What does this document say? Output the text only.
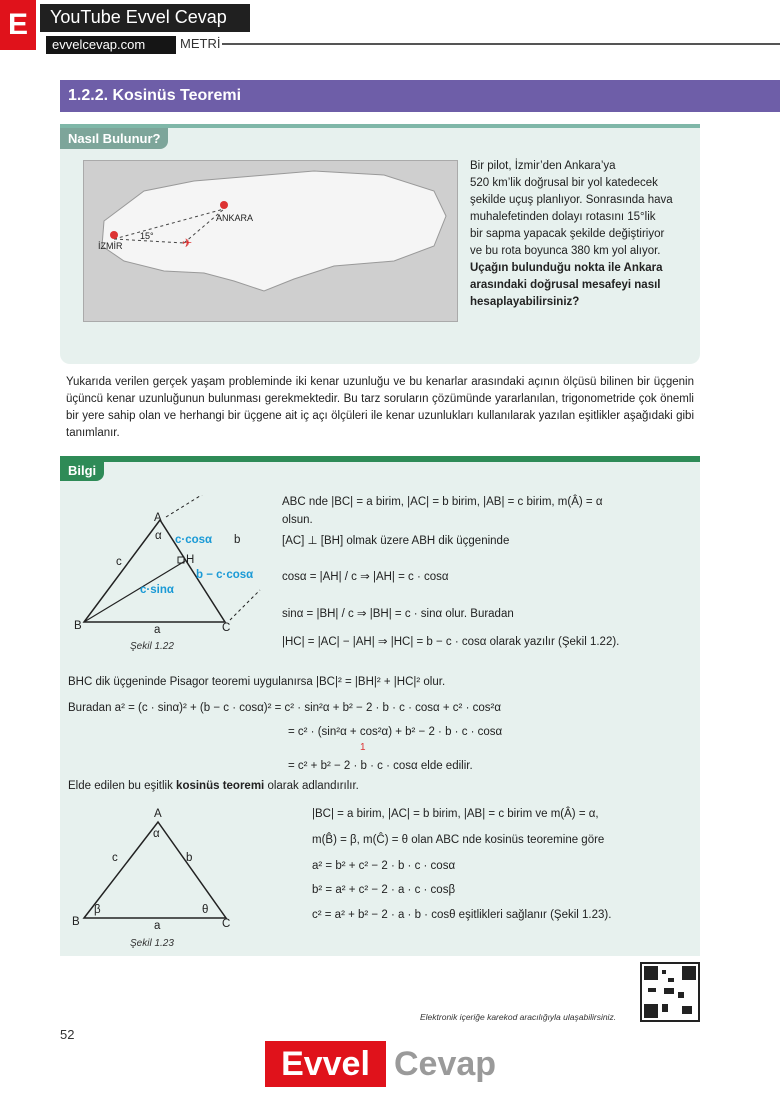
E	YouTube Evvel Cevap
evvelcevap.com	METRİ
1.2.2. Kosinüs Teoremi
Nasıl Bulunur?
✈
İZMİR
ANKARA
15°
Bir pilot, İzmir’den Ankara’ya
520 km’lik doğrusal bir yol katedecek
şekilde uçuş planlıyor. Sonrasında hava
muhalefetinden dolayı rotasını 15°lik
bir sapma yapacak şekilde değiştiriyor
ve bu rota boyunca 380 km yol alıyor.
Uçağın bulunduğu nokta ile Ankara
arasındaki doğrusal mesafeyi nasıl
hesaplayabilirsiniz?
Yukarıda verilen gerçek yaşam probleminde iki kenar uzunluğu ve bu kenarlar arasındaki açının ölçüsü bilinen bir üçgenin üçüncü kenar uzunluğunun bulunması gerekmektedir. Bu tarz soruların çözümünde yararlanılan, trigonometride çok önemli bir yere sahip olan ve herhangi bir üçgene ait iç açı ölçüleri ile kenar uzunlukları kullanılarak yazılan eşitlikler aşağıdaki gibi tanımlanır.
Bilgi
A
B	C
H
a
b
c
α c·cosα
b − c·cosα
c·sinα
Şekil 1.22
ABC nde |BC| = a birim, |AC| = b birim, |AB| = c birim, m(Â) = α
olsun.
[AC] ⊥ [BH] olmak üzere ABH dik üçgeninde
cosα = |AH| / c ⇒ |AH| = c · cosα
sinα = |BH| / c ⇒ |BH| = c · sinα olur. Buradan
|HC| = |AC| − |AH| ⇒ |HC| = b − c · cosα olarak yazılır (Şekil 1.22).
BHC dik üçgeninde Pisagor teoremi uygulanırsa |BC|² = |BH|² + |HC|² olur.
Buradan a² = (c · sinα)² + (b − c · cosα)² = c² · sin²α + b² − 2 · b · c · cosα + c² · cos²α
= c² · (sin²α + cos²α) + b² − 2 · b · c · cosα
1
= c² + b² − 2 · b · c · cosα elde edilir.
Elde edilen bu eşitlik kosinüs teoremi olarak adlandırılır.
A
B	C
a
b
c
α
β	θ
Şekil 1.23
|BC| = a birim, |AC| = b birim, |AB| = c birim ve m(Â) = α,
m(B̂) = β, m(Ĉ) = θ olan ABC nde kosinüs teoremine göre
a² = b² + c² − 2 · b · c · cosα
b² = a² + c² − 2 · a · c · cosβ
c² = a² + b² − 2 · a · b · cosθ eşitlikleri sağlanır (Şekil 1.23).
Elektronik içeriğe karekod aracılığıyla ulaşabilirsiniz.
52
Evvel Cevap
